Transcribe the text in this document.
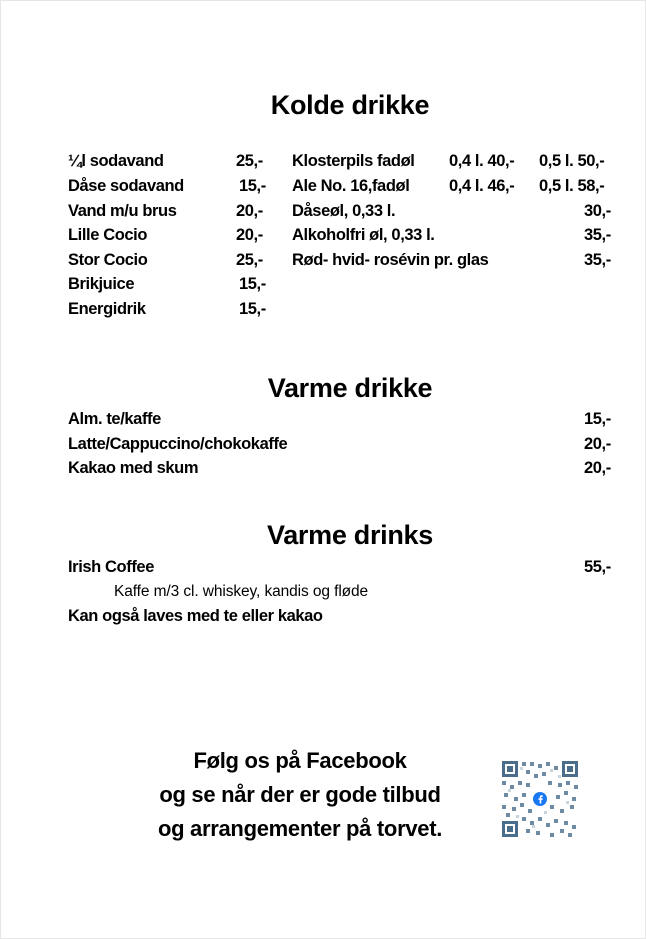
Kolde drikke
¼l sodavand	25,-
Dåse sodavand	15,-
Vand m/u brus	20,-
Lille Cocio	20,-
Stor Cocio	25,-
Brikjuice	15,-
Energidrik	15,-
Klosterpils fadøl 0,4 l. 40,- 0,5 l. 50,-
Ale No. 16,fadøl 0,4 l. 46,- 0,5 l. 58,-
Dåseøl, 0,33 l.	30,-
Alkoholfri øl, 0,33 l.	35,-
Rød- hvid- rosévin pr. glas	35,-
Varme drikke
Alm. te/kaffe	15,-
Latte/Cappuccino/chokokaffe	20,-
Kakao med skum	20,-
Varme drinks
Irish Coffee	55,-
Kaffe m/3 cl. whiskey, kandis og fløde
Kan også laves med te eller kakao
Følg os på Facebook
og se når der er gode tilbud
og arrangementer på torvet.
